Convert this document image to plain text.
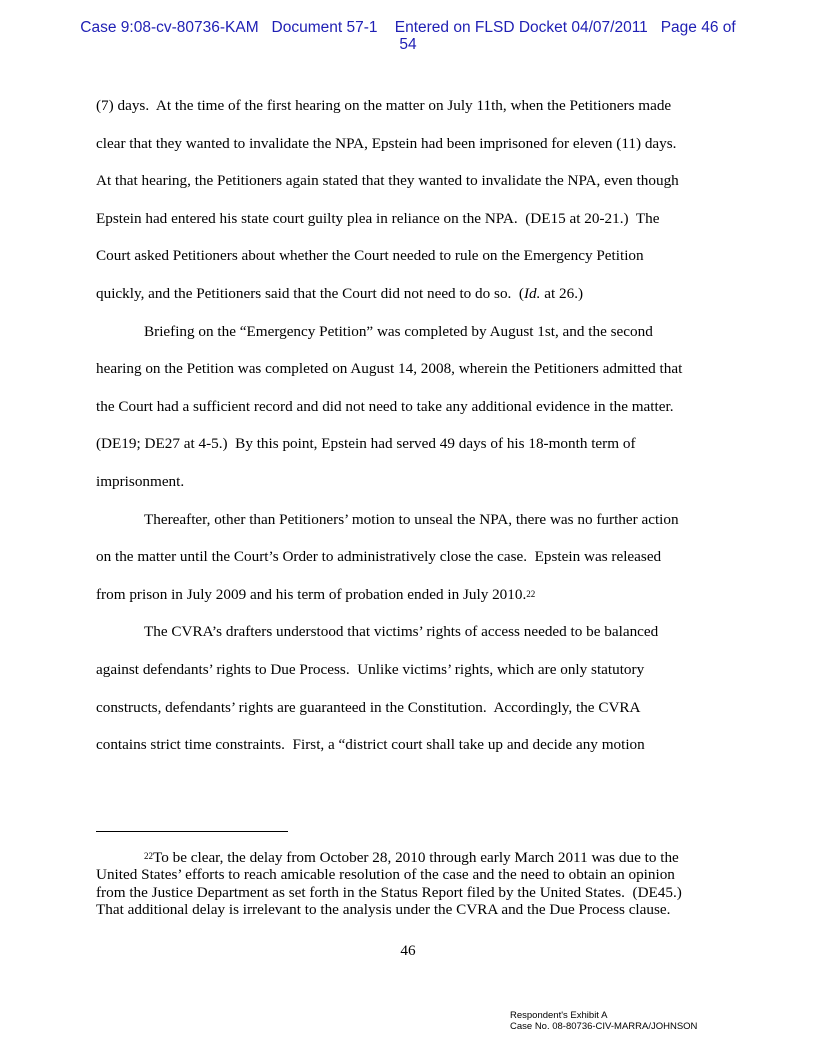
Case 9:08-cv-80736-KAM   Document 57-1    Entered on FLSD Docket 04/07/2011   Page 46 of
54
(7) days.  At the time of the first hearing on the matter on July 11th, when the Petitioners made
clear that they wanted to invalidate the NPA, Epstein had been imprisoned for eleven (11) days.
At that hearing, the Petitioners again stated that they wanted to invalidate the NPA, even though
Epstein had entered his state court guilty plea in reliance on the NPA.  (DE15 at 20-21.)  The
Court asked Petitioners about whether the Court needed to rule on the Emergency Petition
quickly, and the Petitioners said that the Court did not need to do so.  (Id. at 26.)
Briefing on the “Emergency Petition” was completed by August 1st, and the second
hearing on the Petition was completed on August 14, 2008, wherein the Petitioners admitted that
the Court had a sufficient record and did not need to take any additional evidence in the matter.
(DE19; DE27 at 4-5.)  By this point, Epstein had served 49 days of his 18-month term of
imprisonment.
Thereafter, other than Petitioners’ motion to unseal the NPA, there was no further action
on the matter until the Court’s Order to administratively close the case.  Epstein was released
from prison in July 2009 and his term of probation ended in July 2010.22
The CVRA’s drafters understood that victims’ rights of access needed to be balanced
against defendants’ rights to Due Process.  Unlike victims’ rights, which are only statutory
constructs, defendants’ rights are guaranteed in the Constitution.  Accordingly, the CVRA
contains strict time constraints.  First, a “district court shall take up and decide any motion
$^{22}$To be clear, the delay from October 28, 2010 through early March 2011 was due to the
United States’ efforts to reach amicable resolution of the case and the need to obtain an opinion
from the Justice Department as set forth in the Status Report filed by the United States.  (DE45.)
That additional delay is irrelevant to the analysis under the CVRA and the Due Process clause.
46
Respondent's Exhibit A
Case No. 08-80736-CIV-MARRA/JOHNSON
